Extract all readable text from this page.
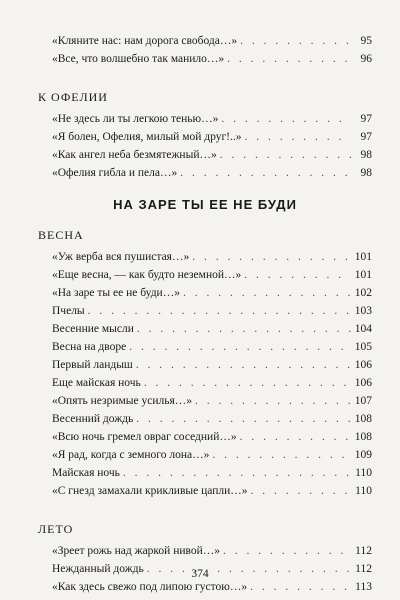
«Кляните нас: нам дорога свобода…» . . .	95
«Все, что волшебно так манило…» . . .	96
К ОФЕЛИИ
«Не здесь ли ты легкою тенью…» . . .	97
«Я болен, Офелия, милый мой друг!..» . . .	97
«Как ангел неба безмятежный…» . . .	98
«Офелия гибла и пела…» . . .	98
НА ЗАРЕ ТЫ ЕЕ НЕ БУДИ
ВЕСНА
«Уж верба вся пушистая…» . . .	101
«Еще весна, — как будто неземной…» . . .	101
«На заре ты ее не буди…» . . .	102
Пчелы . . .	103
Весенние мысли . . .	104
Весна на дворе . . .	105
Первый ландыш . . .	106
Еще майская ночь . . .	106
«Опять незримые усилья…» . . .	107
Весенний дождь . . .	108
«Всю ночь гремел овраг соседний…» . . .	108
«Я рад, когда с земного лона…» . . .	109
Майская ночь . . .	110
«С гнезд замахали крикливые цапли…» . . .	110
ЛЕТО
«Зреет рожь над жаркой нивой…» . . .	112
Нежданный дождь . . .	112
«Как здесь свежо под липою густою…» . . .	113
374
